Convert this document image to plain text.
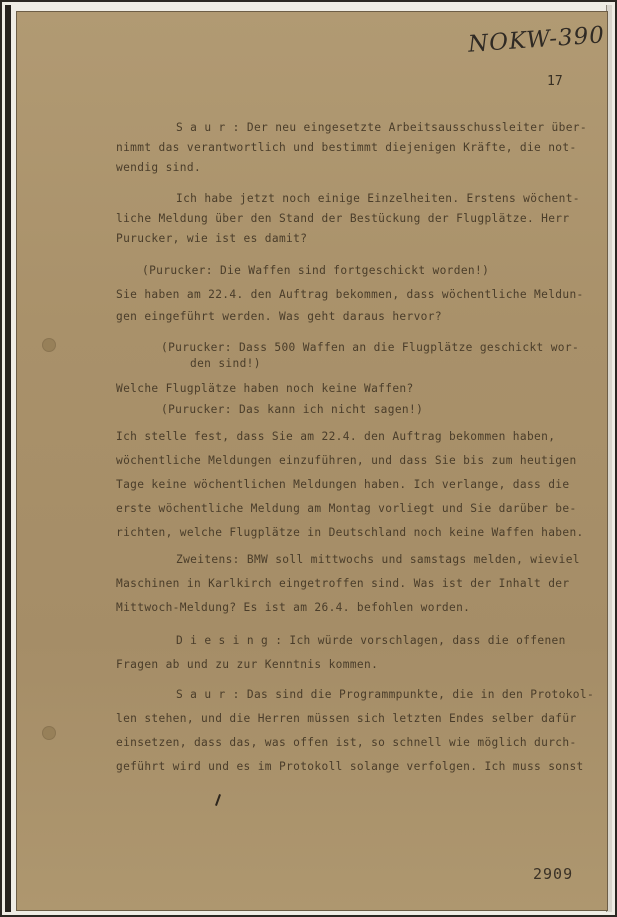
NOKW-390
17

S a u r : Der neu eingesetzte Arbeitsausschussleiter über-

nimmt das verantwortlich und bestimmt diejenigen Kräfte, die not-

wendig sind.

Ich habe jetzt noch einige Einzelheiten. Erstens wöchent-

liche Meldung über den Stand der Bestückung der Flugplätze. Herr

Purucker, wie ist es damit?

(Purucker: Die Waffen sind fortgeschickt worden!)

Sie haben am 22.4. den Auftrag bekommen, dass wöchentliche Meldun-

gen eingeführt werden. Was geht daraus hervor?

(Purucker: Dass 500 Waffen an die Flugplätze geschickt wor-

den sind!)

Welche Flugplätze haben noch keine Waffen?

(Purucker: Das kann ich nicht sagen!)

Ich stelle fest, dass Sie am 22.4. den Auftrag bekommen haben,

wöchentliche Meldungen einzuführen, und dass Sie bis zum heutigen

Tage keine wöchentlichen Meldungen haben. Ich verlange, dass die

erste wöchentliche Meldung am Montag vorliegt und Sie darüber be-

richten, welche Flugplätze in Deutschland noch keine Waffen haben.

Zweitens: BMW soll mittwochs und samstags melden, wieviel

Maschinen in Karlkirch eingetroffen sind. Was ist der Inhalt der

Mittwoch-Meldung? Es ist am 26.4. befohlen worden.

D i e s i n g : Ich würde vorschlagen, dass die offenen

Fragen ab und zu zur Kenntnis kommen.

S a u r : Das sind die Programmpunkte, die in den Protokol-

len stehen, und die Herren müssen sich letzten Endes selber dafür

einsetzen, dass das, was offen ist, so schnell wie möglich durch-

geführt wird und es im Protokoll solange verfolgen. Ich muss sonst

2909
